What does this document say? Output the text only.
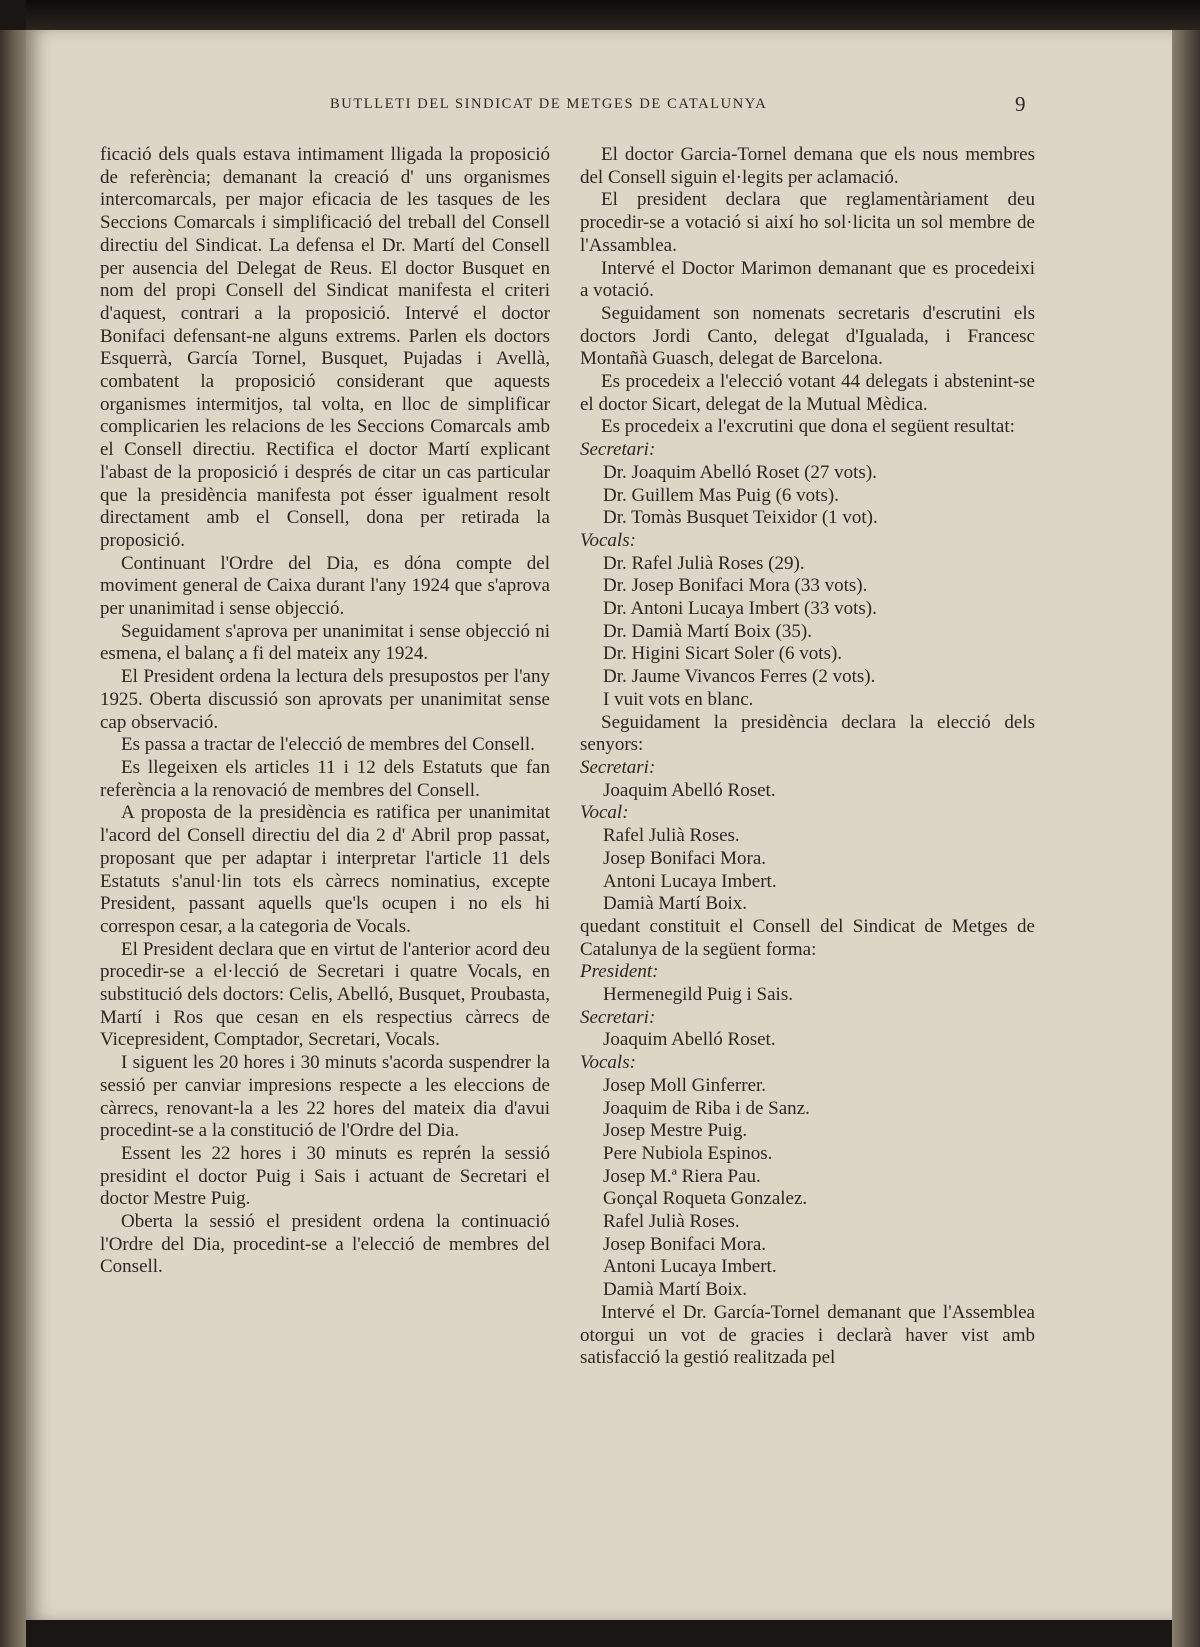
BUTLLETI DEL SINDICAT DE METGES DE CATALUNYA	9

ficació dels quals estava intimament lligada la proposició de referència; demanant la creació d' uns organismes intercomarcals, per major eficacia de les tasques de les Seccions Comarcals i simplificació del treball del Consell directiu del Sindicat. La defensa el Dr. Martí del Consell per ausencia del Delegat de Reus. El doctor Busquet en nom del propi Consell del Sindicat manifesta el criteri d'aquest, contrari a la proposició. Intervé el doctor Bonifaci defensant-ne alguns extrems. Parlen els doctors Esquerrà, García Tornel, Busquet, Pujadas i Avellà, combatent la proposició considerant que aquests organismes intermitjos, tal volta, en lloc de simplificar complicarien les relacions de les Seccions Comarcals amb el Consell directiu. Rectifica el doctor Martí explicant l'abast de la proposició i després de citar un cas particular que la presidència manifesta pot ésser igualment resolt directament amb el Consell, dona per retirada la proposició.

Continuant l'Ordre del Dia, es dóna compte del moviment general de Caixa durant l'any 1924 que s'aprova per unanimitad i sense objecció.

Seguidament s'aprova per unanimitat i sense objecció ni esmena, el balanç a fi del mateix any 1924.

El President ordena la lectura dels presupostos per l'any 1925. Oberta discussió son aprovats per unanimitat sense cap observació.

Es passa a tractar de l'elecció de membres del Consell.

Es llegeixen els articles 11 i 12 dels Estatuts que fan referència a la renovació de membres del Consell.

A proposta de la presidència es ratifica per unanimitat l'acord del Consell directiu del dia 2 d' Abril prop passat, proposant que per adaptar i interpretar l'article 11 dels Estatuts s'anul·lin tots els càrrecs nominatius, excepte President, passant aquells que'ls ocupen i no els hi correspon cesar, a la categoria de Vocals.

El President declara que en virtut de l'anterior acord deu procedir-se a el·lecció de Secretari i quatre Vocals, en substitució dels doctors: Celis, Abelló, Busquet, Proubasta, Martí i Ros que cesan en els respectius càrrecs de Vicepresident, Comptador, Secretari, Vocals.

I siguent les 20 hores i 30 minuts s'acorda suspendrer la sessió per canviar impresions respecte a les eleccions de càrrecs, renovant-la a les 22 hores del mateix dia d'avui procedint-se a la constitució de l'Ordre del Dia.

Essent les 22 hores i 30 minuts es reprén la sessió presidint el doctor Puig i Sais i actuant de Secretari el doctor Mestre Puig.

Oberta la sessió el president ordena la continuació l'Ordre del Dia, procedint-se a l'elecció de membres del Consell.

El doctor Garcia-Tornel demana que els nous membres del Consell siguin el·legits per aclamació.

El president declara que reglamentàriament deu procedir-se a votació si així ho sol·licita un sol membre de l'Assamblea.

Intervé el Doctor Marimon demanant que es procedeixi a votació.

Seguidament son nomenats secretaris d'escrutini els doctors Jordi Canto, delegat d'Igualada, i Francesc Montañà Guasch, delegat de Barcelona.

Es procedeix a l'elecció votant 44 delegats i abstenint-se el doctor Sicart, delegat de la Mutual Mèdica.

Es procedeix a l'excrutini que dona el següent resultat:

Secretari:

Dr. Joaquim Abelló Roset (27 vots).

Dr. Guillem Mas Puig (6 vots).

Dr. Tomàs Busquet Teixidor (1 vot).

Vocals:

Dr. Rafel Julià Roses (29).

Dr. Josep Bonifaci Mora (33 vots).

Dr. Antoni Lucaya Imbert (33 vots).

Dr. Damià Martí Boix (35).

Dr. Higini Sicart Soler (6 vots).

Dr. Jaume Vivancos Ferres (2 vots).

I vuit vots en blanc.

Seguidament la presidència declara la elecció dels senyors:

Secretari:

Joaquim Abelló Roset.

Vocal:

Rafel Julià Roses.

Josep Bonifaci Mora.

Antoni Lucaya Imbert.

Damià Martí Boix.

quedant constituit el Consell del Sindicat de Metges de Catalunya de la següent forma:

President:

Hermenegild Puig i Sais.

Secretari:

Joaquim Abelló Roset.

Vocals:

Josep Moll Ginferrer.

Joaquim de Riba i de Sanz.

Josep Mestre Puig.

Pere Nubiola Espinos.

Josep M.ª Riera Pau.

Gonçal Roqueta Gonzalez.

Rafel Julià Roses.

Josep Bonifaci Mora.

Antoni Lucaya Imbert.

Damià Martí Boix.

Intervé el Dr. García-Tornel demanant que l'Assemblea otorgui un vot de gracies i declarà haver vist amb satisfacció la gestió realitzada pel
